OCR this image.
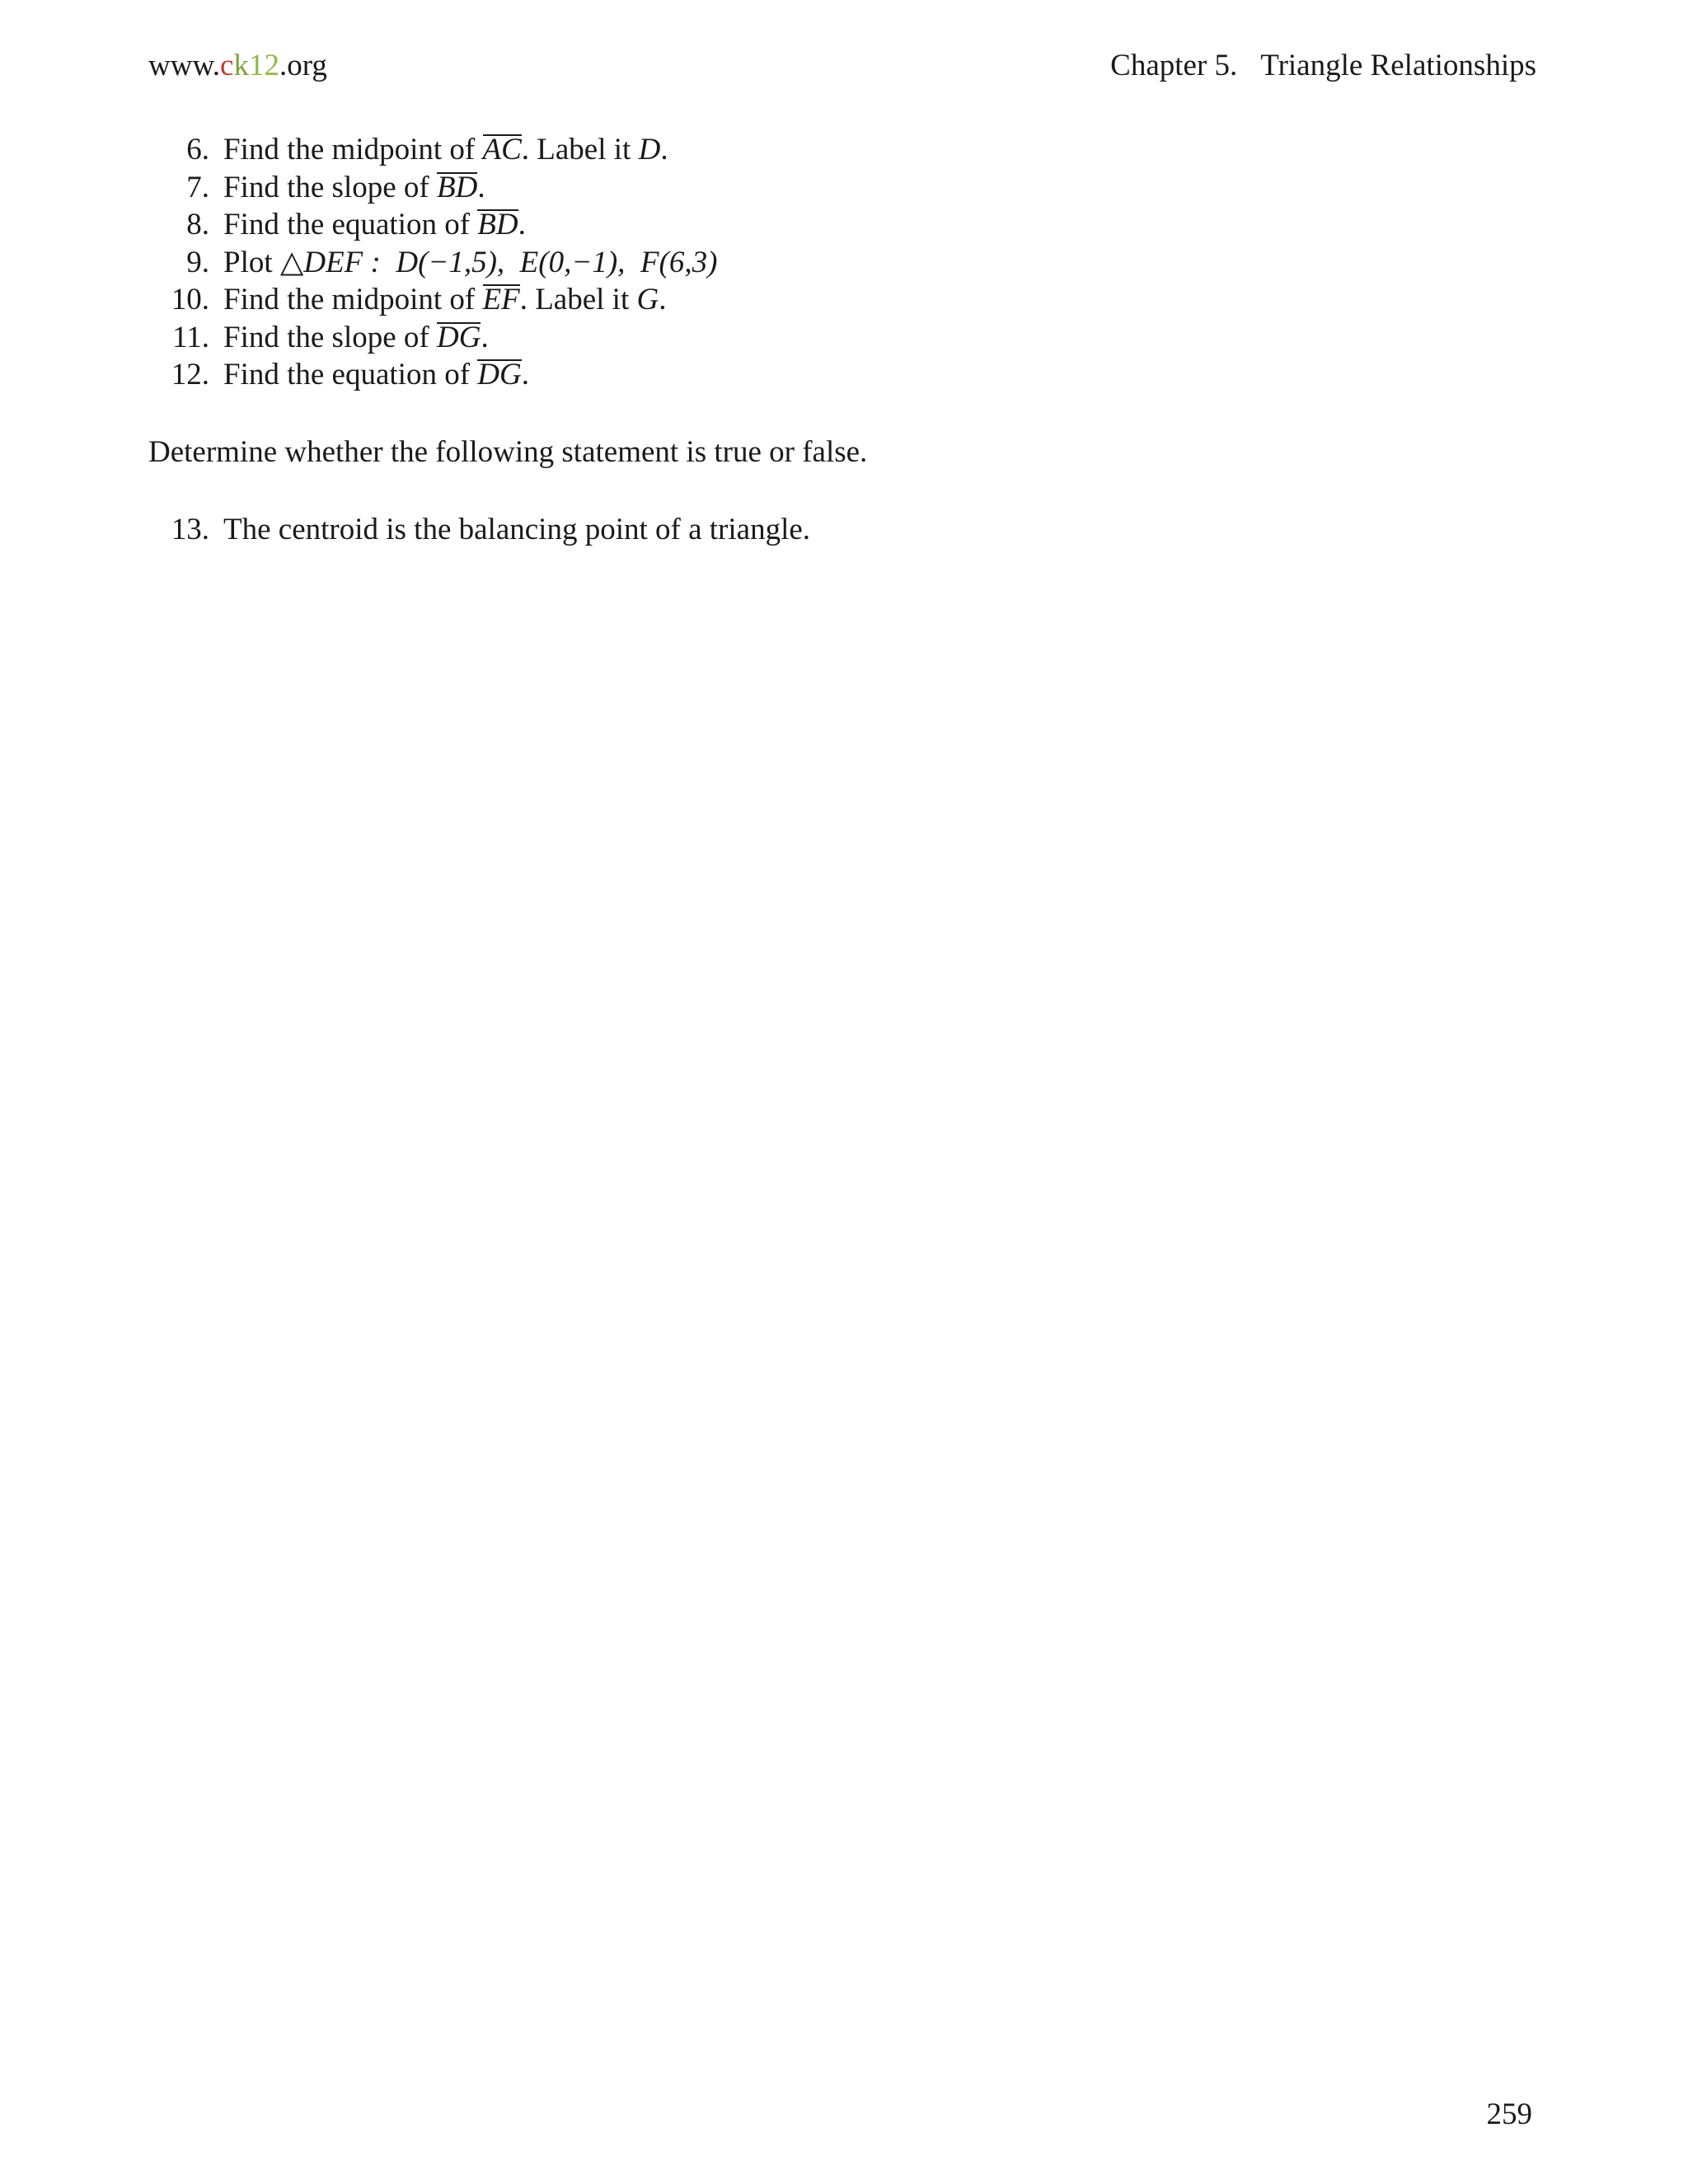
www.ck12.org	Chapter 5. Triangle Relationships
6. Find the midpoint of AC. Label it D.
7. Find the slope of BD.
8. Find the equation of BD.
9. Plot △DEF :  D(−1,5),  E(0,−1),  F(6,3)
10. Find the midpoint of EF. Label it G.
11. Find the slope of DG.
12. Find the equation of DG.
Determine whether the following statement is true or false.
13. The centroid is the balancing point of a triangle.
259
